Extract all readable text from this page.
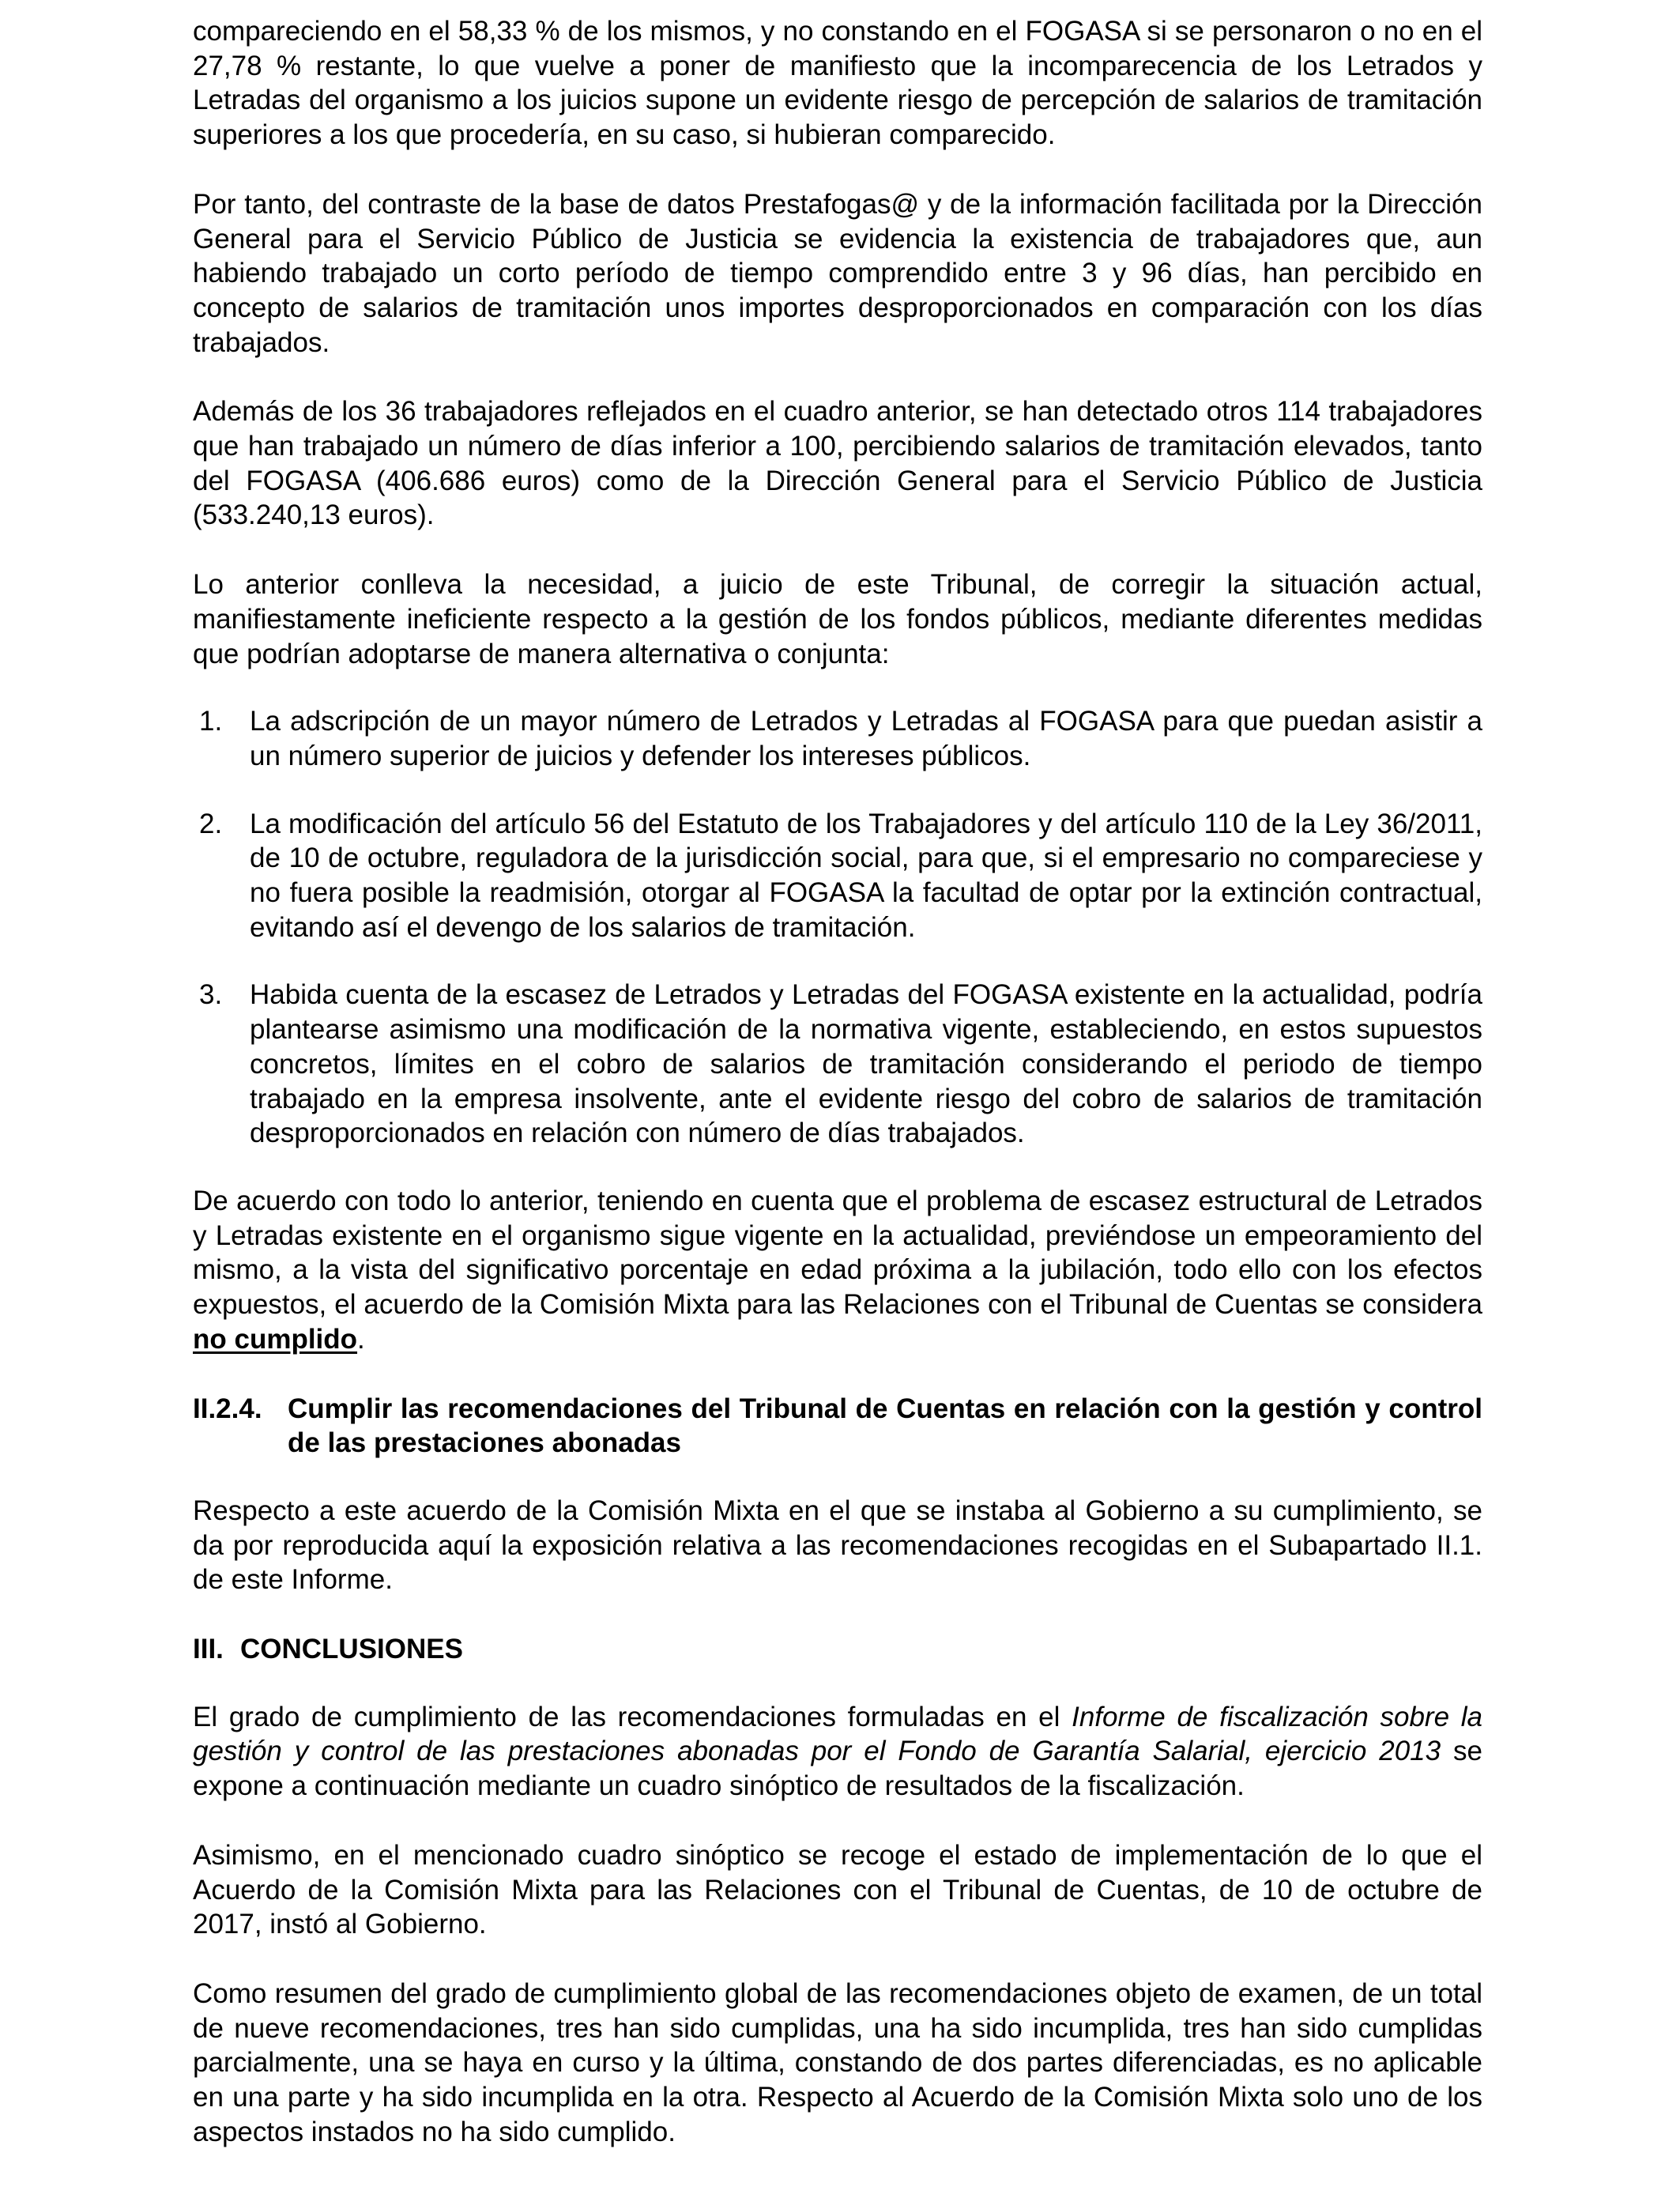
compareciendo en el 58,33 % de los mismos, y no constando en el FOGASA si se personaron o no en el 27,78 % restante, lo que vuelve a poner de manifiesto que la incomparecencia de los Letrados y Letradas del organismo a los juicios supone un evidente riesgo de percepción de salarios de tramitación superiores a los que procedería, en su caso, si hubieran comparecido.

Por tanto, del contraste de la base de datos Prestafogas@ y de la información facilitada por la Dirección General para el Servicio Público de Justicia se evidencia la existencia de trabajadores que, aun habiendo trabajado un corto período de tiempo comprendido entre 3 y 96 días, han percibido en concepto de salarios de tramitación unos importes desproporcionados en comparación con los días trabajados.

Además de los 36 trabajadores reflejados en el cuadro anterior, se han detectado otros 114 trabajadores que han trabajado un número de días inferior a 100, percibiendo salarios de tramitación elevados, tanto del FOGASA (406.686 euros) como de la Dirección General para el Servicio Público de Justicia (533.240,13 euros).

Lo anterior conlleva la necesidad, a juicio de este Tribunal, de corregir la situación actual, manifiestamente ineficiente respecto a la gestión de los fondos públicos, mediante diferentes medidas que podrían adoptarse de manera alternativa o conjunta:

1. La adscripción de un mayor número de Letrados y Letradas al FOGASA para que puedan asistir a un número superior de juicios y defender los intereses públicos.
2. La modificación del artículo 56 del Estatuto de los Trabajadores y del artículo 110 de la Ley 36/2011, de 10 de octubre, reguladora de la jurisdicción social, para que, si el empresario no compareciese y no fuera posible la readmisión, otorgar al FOGASA la facultad de optar por la extinción contractual, evitando así el devengo de los salarios de tramitación.
3. Habida cuenta de la escasez de Letrados y Letradas del FOGASA existente en la actualidad, podría plantearse asimismo una modificación de la normativa vigente, estableciendo, en estos supuestos concretos, límites en el cobro de salarios de tramitación considerando el periodo de tiempo trabajado en la empresa insolvente, ante el evidente riesgo del cobro de salarios de tramitación desproporcionados en relación con número de días trabajados.

De acuerdo con todo lo anterior, teniendo en cuenta que el problema de escasez estructural de Letrados y Letradas existente en el organismo sigue vigente en la actualidad, previéndose un empeoramiento del mismo, a la vista del significativo porcentaje en edad próxima a la jubilación, todo ello con los efectos expuestos, el acuerdo de la Comisión Mixta para las Relaciones con el Tribunal de Cuentas se considera no cumplido.

II.2.4. Cumplir las recomendaciones del Tribunal de Cuentas en relación con la gestión y control de las prestaciones abonadas

Respecto a este acuerdo de la Comisión Mixta en el que se instaba al Gobierno a su cumplimiento, se da por reproducida aquí la exposición relativa a las recomendaciones recogidas en el Subapartado II.1. de este Informe.

III. CONCLUSIONES

El grado de cumplimiento de las recomendaciones formuladas en el Informe de fiscalización sobre la gestión y control de las prestaciones abonadas por el Fondo de Garantía Salarial, ejercicio 2013 se expone a continuación mediante un cuadro sinóptico de resultados de la fiscalización.

Asimismo, en el mencionado cuadro sinóptico se recoge el estado de implementación de lo que el Acuerdo de la Comisión Mixta para las Relaciones con el Tribunal de Cuentas, de 10 de octubre de 2017, instó al Gobierno.

Como resumen del grado de cumplimiento global de las recomendaciones objeto de examen, de un total de nueve recomendaciones, tres han sido cumplidas, una ha sido incumplida, tres han sido cumplidas parcialmente, una se haya en curso y la última, constando de dos partes diferenciadas, es no aplicable en una parte y ha sido incumplida en la otra. Respecto al Acuerdo de la Comisión Mixta solo uno de los aspectos instados no ha sido cumplido.
